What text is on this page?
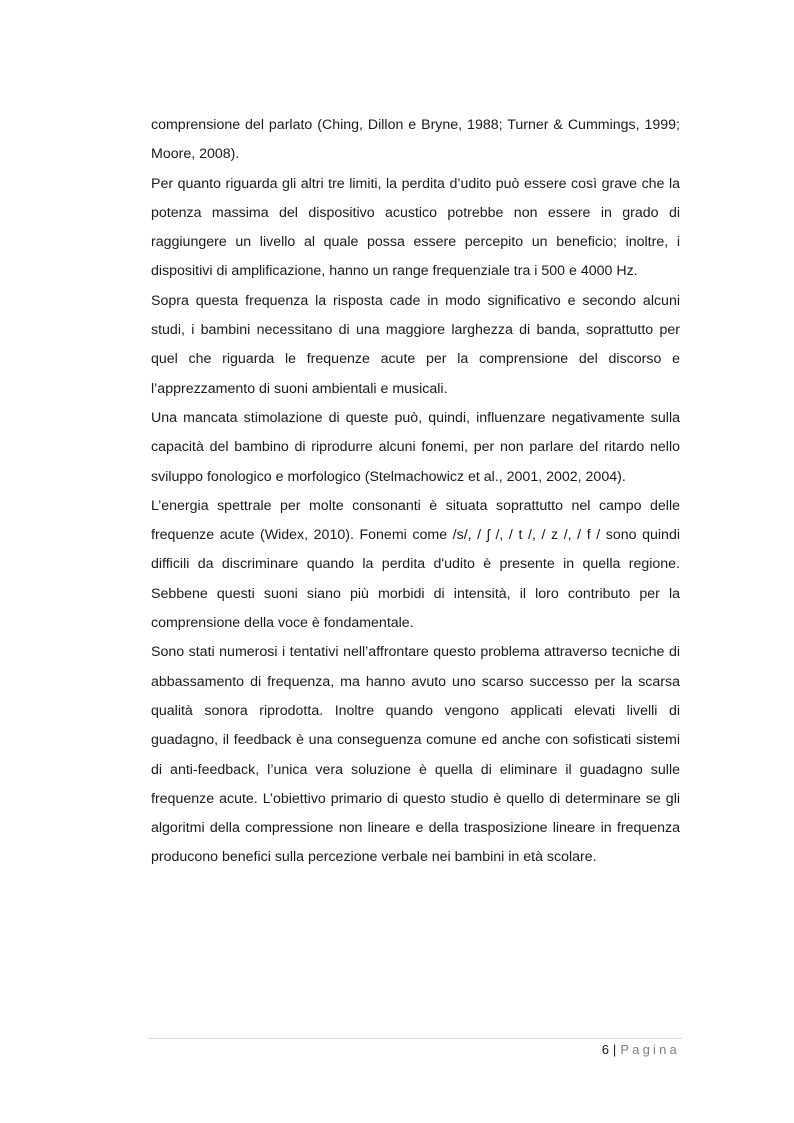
comprensione del parlato (Ching, Dillon e Bryne, 1988; Turner & Cummings, 1999; Moore, 2008).

Per quanto riguarda gli altri tre limiti, la perdita d’udito può essere così grave che la potenza massima del dispositivo acustico potrebbe non essere in grado di raggiungere un livello al quale possa essere percepito un beneficio; inoltre, i dispositivi di amplificazione, hanno un range frequenziale tra i 500 e 4000 Hz.

Sopra questa frequenza la risposta cade in modo significativo e secondo alcuni studi, i bambini necessitano di una maggiore larghezza di banda, soprattutto per quel che riguarda le frequenze acute per la comprensione del discorso e l’apprezzamento di suoni ambientali e musicali.

Una mancata stimolazione di queste può, quindi, influenzare negativamente sulla capacità del bambino di riprodurre alcuni fonemi, per non parlare del ritardo nello sviluppo fonologico e morfologico (Stelmachowicz et al., 2001, 2002, 2004).

L’energia spettrale per molte consonanti è situata soprattutto nel campo delle frequenze acute (Widex, 2010). Fonemi come /s/, / ʃ /, / t /, / z /, / f / sono quindi difficili da discriminare quando la perdita d'udito è presente in quella regione. Sebbene questi suoni siano più morbidi di intensità, il loro contributo per la comprensione della voce è fondamentale.

Sono stati numerosi i tentativi nell’affrontare questo problema attraverso tecniche di abbassamento di frequenza, ma hanno avuto uno scarso successo per la scarsa qualità sonora riprodotta. Inoltre quando vengono applicati elevati livelli di guadagno, il feedback è una conseguenza comune ed anche con sofisticati sistemi di anti-feedback, l’unica vera soluzione è quella di eliminare il guadagno sulle frequenze acute. L’obiettivo primario di questo studio è quello di determinare se gli algoritmi della compressione non lineare e della trasposizione lineare in frequenza producono benefici sulla percezione verbale nei bambini in età scolare.

6 | Pagina
